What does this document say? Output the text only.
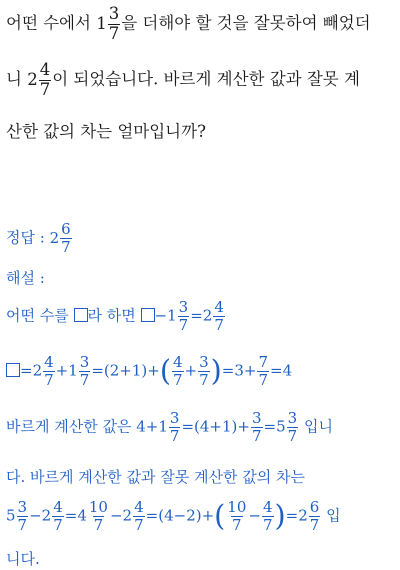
어떤 수에서 $1 \frac{3}{7}$ 을 더해야 할 것을 잘못하여 빼었더
니 $2 \frac{4}{7}$ 이 되었습니다. 바르게 계산한 값과 잘못 계
산한 값의 차는 얼마입니까?
정답 : $2 \frac{6}{7}$
해설 :
어떤 수를 라 하면 $-1 \frac{3}{7} =2 \frac{4}{7}$
$=2 \frac{4}{7} +1 \frac{3}{7} =(2+1)+( \frac{4}{7} + \frac{3}{7} )=3+ \frac{7}{7} =4$
바르게 계산한 값은 $4+1 \frac{3}{7} =(4+1)+ \frac{3}{7} =5 \frac{3}{7}$ 입니
다. 바르게 계산한 값과 잘못 계산한 값의 차는
$5 \frac{3}{7} -2 \frac{4}{7} =4 \frac{10}{7} -2 \frac{4}{7} =(4-2)+( \frac{10}{7} - \frac{4}{7} )=2 \frac{6}{7}$ 입
니다.
